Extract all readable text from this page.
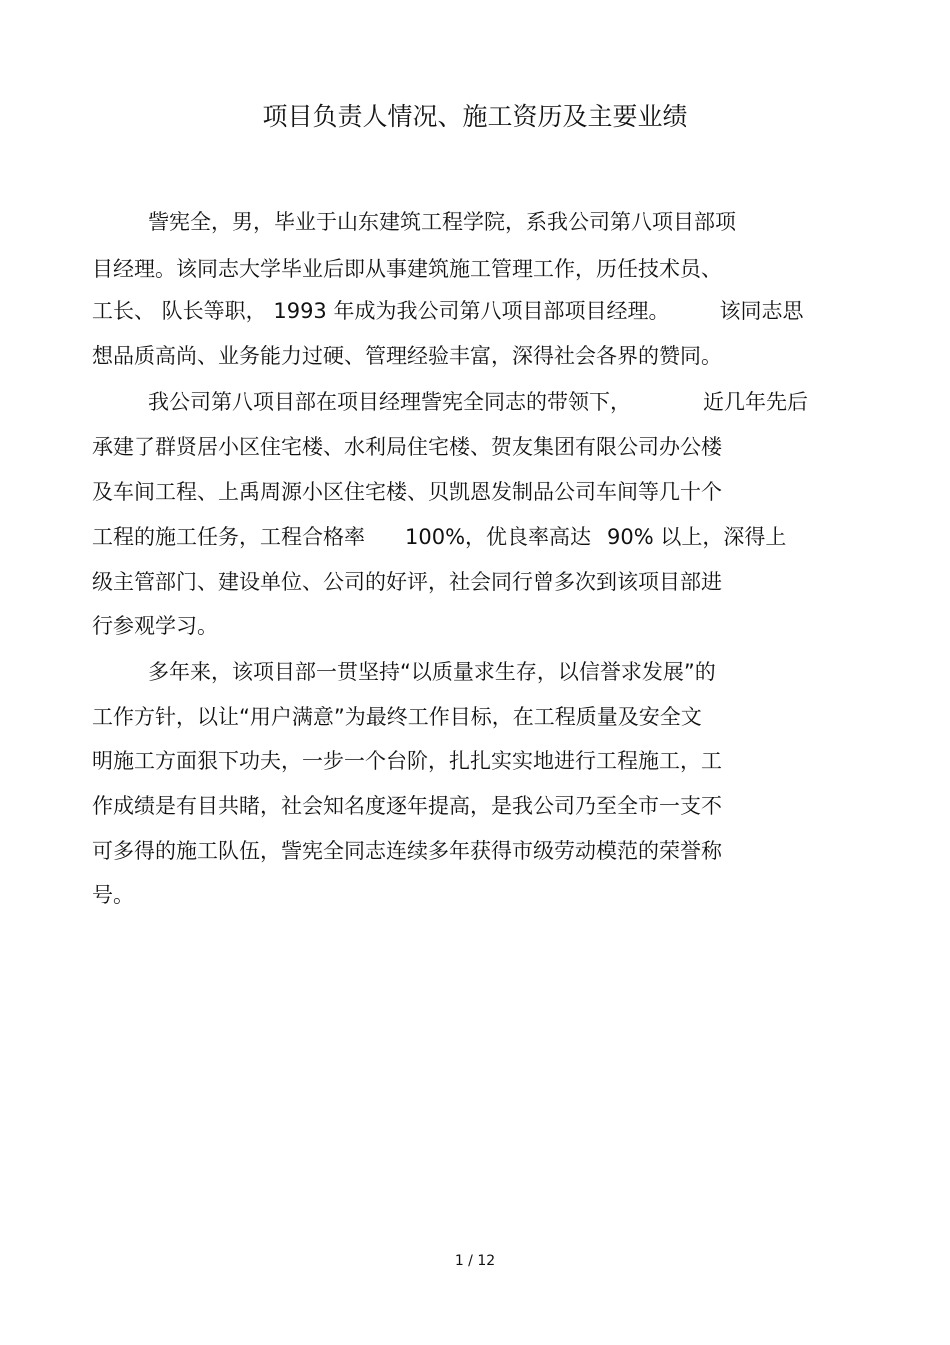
项目负责人情况、施工资历及主要业绩
訾宪全，男，毕业于山东建筑工程学院，系我公司第八项目部项
目经理。该同志大学毕业后即从事建筑施工管理工作，历任技术员、
工长、 队长等职， 1993 年成为我公司第八项目部项目经理。 该同志思
想品质高尚、业务能力过硬、管理经验丰富，深得社会各界的赞同。
我公司第八项目部在项目经理訾宪全同志的带领下，	近几年先后
承建了群贤居小区住宅楼、水利局住宅楼、贺友集团有限公司办公楼
及车间工程、上禹周源小区住宅楼、贝凯恩发制品公司车间等几十个
工程的施工任务，工程合格率 100%，优良率高达 90% 以上，深得上
级主管部门、建设单位、公司的好评，社会同行曾多次到该项目部进
行参观学习。
多年来，该项目部一贯坚持“以质量求生存，以信誉求发展”的
工作方针，以让“用户满意”为最终工作目标，在工程质量及安全文
明施工方面狠下功夫，一步一个台阶，扎扎实实地进行工程施工，工
作成绩是有目共睹，社会知名度逐年提高，是我公司乃至全市一支不
可多得的施工队伍，訾宪全同志连续多年获得市级劳动模范的荣誉称
号。
1 / 12
